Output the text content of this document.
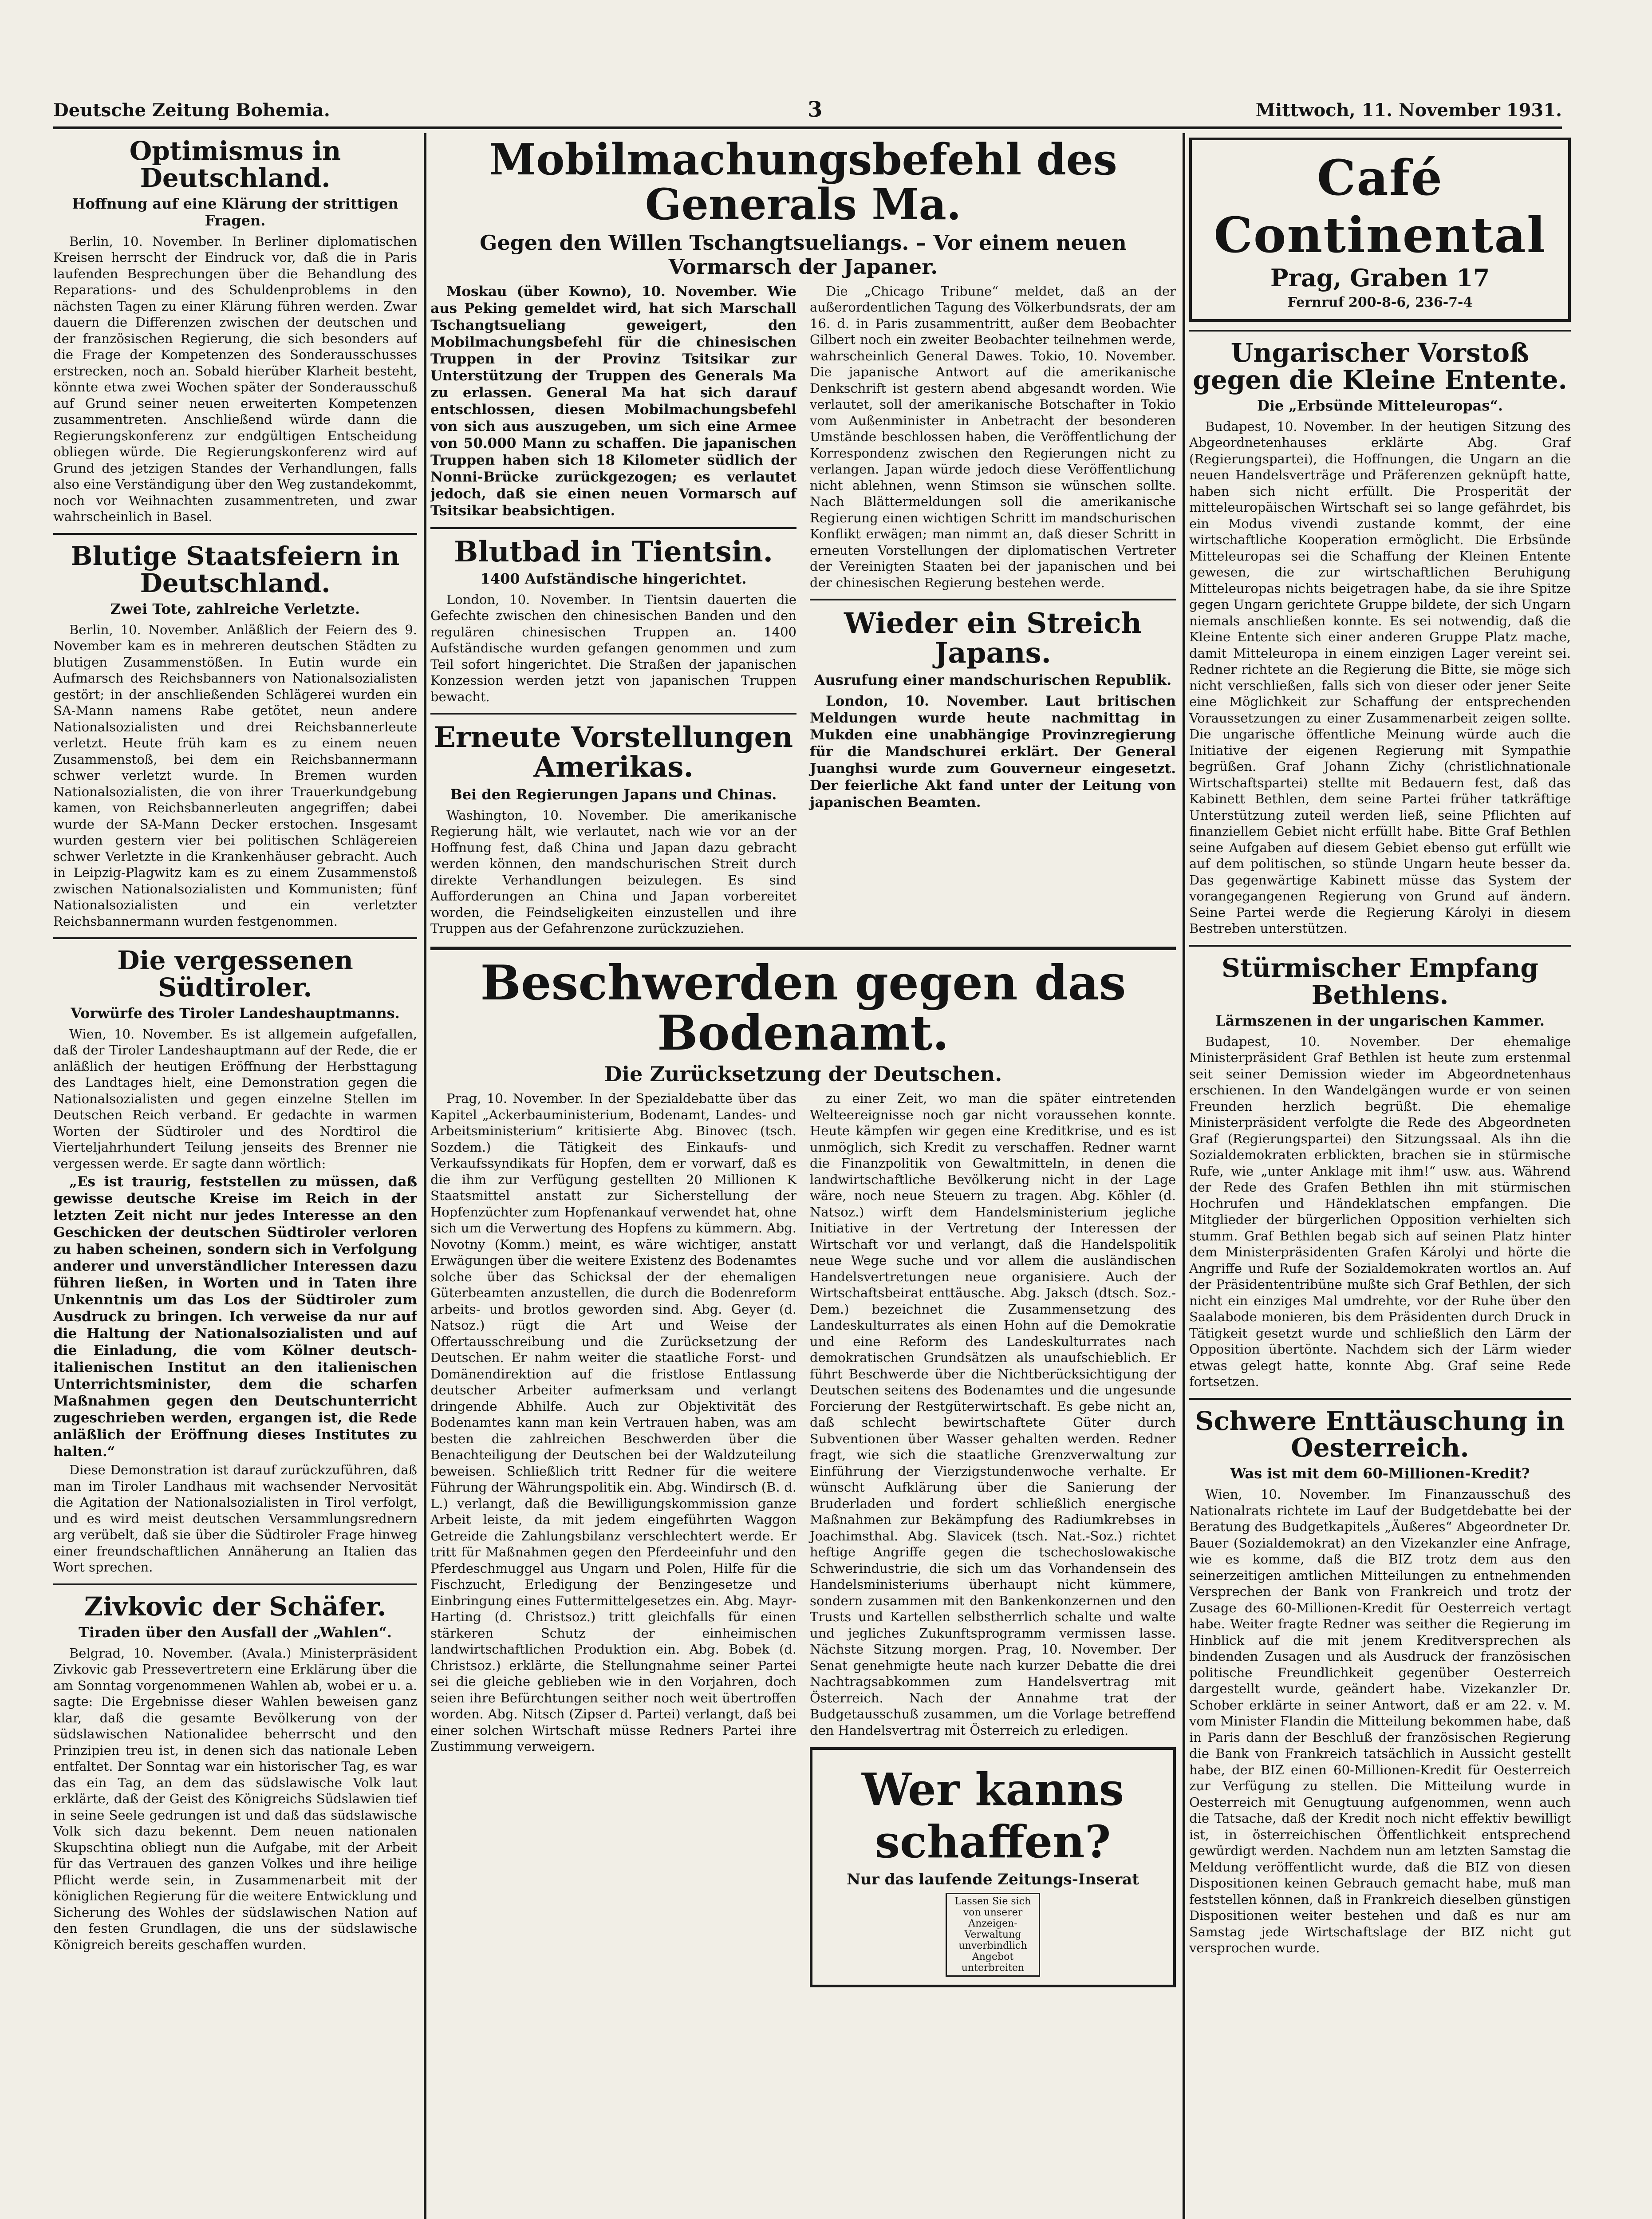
Deutsche Zeitung Bohemia.	3	Mittwoch, 11. November 1931.
Optimismus in Deutschland.
Hoffnung auf eine Klärung der strittigen Fragen.

Berlin, 10. November. In Berliner diplomatischen Kreisen herrscht der Eindruck vor, daß die in Paris laufenden Besprechungen über die Behandlung des Reparations- und des Schuldenproblems in den nächsten Tagen zu einer Klärung führen werden. Zwar dauern die Differenzen zwischen der deutschen und der französischen Regierung, die sich besonders auf die Frage der Kompetenzen des Sonderausschusses erstrecken, noch an. Sobald hierüber Klarheit besteht, könnte etwa zwei Wochen später der Sonderausschuß auf Grund seiner neuen erweiterten Kompetenzen zusammentreten. Anschließend würde dann die Regierungskonferenz zur endgültigen Entscheidung obliegen würde. Die Regierungskonferenz wird auf Grund des jetzigen Standes der Verhandlungen, falls also eine Verständigung über den Weg zustandekommt, noch vor Weihnachten zusammentreten, und zwar wahrscheinlich in Basel.

Blutige Staatsfeiern in Deutschland.
Zwei Tote, zahlreiche Verletzte.

Berlin, 10. November. Anläßlich der Feiern des 9. November kam es in mehreren deutschen Städten zu blutigen Zusammenstößen. In Eutin wurde ein Aufmarsch des Reichsbanners von Nationalsozialisten gestört; in der anschließenden Schlägerei wurden ein SA-Mann namens Rabe getötet, neun andere Nationalsozialisten und drei Reichsbannerleute verletzt. Heute früh kam es zu einem neuen Zusammenstoß, bei dem ein Reichsbannermann schwer verletzt wurde. In Bremen wurden Nationalsozialisten, die von ihrer Trauerkundgebung kamen, von Reichsbannerleuten angegriffen; dabei wurde der SA-Mann Decker erstochen. Insgesamt wurden gestern vier bei politischen Schlägereien schwer Verletzte in die Krankenhäuser gebracht. Auch in Leipzig-Plagwitz kam es zu einem Zusammenstoß zwischen Nationalsozialisten und Kommunisten; fünf Nationalsozialisten und ein verletzter Reichsbannermann wurden festgenommen.

Die vergessenen Südtiroler.
Vorwürfe des Tiroler Landeshauptmanns.

Wien, 10. November. Es ist allgemein aufgefallen, daß der Tiroler Landeshauptmann auf der Rede, die er anläßlich der heutigen Eröffnung der Herbsttagung des Landtages hielt, eine Demonstration gegen die Nationalsozialisten und gegen einzelne Stellen im Deutschen Reich verband. Er gedachte in warmen Worten der Südtiroler und des Nordtirol die Vierteljahrhundert Teilung jenseits des Brenner nie vergessen werde. Er sagte dann wörtlich:

„Es ist traurig, feststellen zu müssen, daß gewisse deutsche Kreise im Reich in der letzten Zeit nicht nur jedes Interesse an den Geschicken der deutschen Südtiroler verloren zu haben scheinen, sondern sich in Verfolgung anderer und unverständlicher Interessen dazu führen ließen, in Worten und in Taten ihre Unkenntnis um das Los der Südtiroler zum Ausdruck zu bringen. Ich verweise da nur auf die Haltung der Nationalsozialisten und auf die Einladung, die vom Kölner deutsch-italienischen Institut an den italienischen Unterrichtsminister, dem die scharfen Maßnahmen gegen den Deutschunterricht zugeschrieben werden, ergangen ist, die Rede anläßlich der Eröffnung dieses Institutes zu halten.“

Diese Demonstration ist darauf zurückzuführen, daß man im Tiroler Landhaus mit wachsender Nervosität die Agitation der Nationalsozialisten in Tirol verfolgt, und es wird meist deutschen Versammlungsrednern arg verübelt, daß sie über die Südtiroler Frage hinweg einer freundschaftlichen Annäherung an Italien das Wort sprechen.

Zivkovic der Schäfer.
Tiraden über den Ausfall der „Wahlen“.

Belgrad, 10. November. (Avala.) Ministerpräsident Zivkovic gab Pressevertretern eine Erklärung über die am Sonntag vorgenommenen Wahlen ab, wobei er u. a. sagte: Die Ergebnisse dieser Wahlen beweisen ganz klar, daß die gesamte Bevölkerung von der südslawischen Nationalidee beherrscht und den Prinzipien treu ist, in denen sich das nationale Leben entfaltet. Der Sonntag war ein historischer Tag, es war das ein Tag, an dem das südslawische Volk laut erklärte, daß der Geist des Königreichs Südslawien tief in seine Seele gedrungen ist und daß das südslawische Volk sich dazu bekennt. Dem neuen nationalen Skupschtina obliegt nun die Aufgabe, mit der Arbeit für das Vertrauen des ganzen Volkes und ihre heilige Pflicht werde sein, in Zusammenarbeit mit der königlichen Regierung für die weitere Entwicklung und Sicherung des Wohles der südslawischen Nation auf den festen Grundlagen, die uns der südslawische Königreich bereits geschaffen wurden.

Mobilmachungsbefehl des Generals Ma.
Gegen den Willen Tschangtsueliangs. – Vor einem neuen Vormarsch der Japaner.

Moskau (über Kowno), 10. November. Wie aus Peking gemeldet wird, hat sich Marschall Tschangtsueliang geweigert, den Mobilmachungsbefehl für die chinesischen Truppen in der Provinz Tsitsikar zur Unterstützung der Truppen des Generals Ma zu erlassen. General Ma hat sich darauf entschlossen, diesen Mobilmachungsbefehl von sich aus auszugeben, um sich eine Armee von 50.000 Mann zu schaffen. Die japanischen Truppen haben sich 18 Kilometer südlich der Nonni-Brücke zurückgezogen; es verlautet jedoch, daß sie einen neuen Vormarsch auf Tsitsikar beabsichtigen.

Blutbad in Tientsin.
1400 Aufständische hingerichtet.

London, 10. November. In Tientsin dauerten die Gefechte zwischen den chinesischen Banden und den regulären chinesischen Truppen an. 1400 Aufständische wurden gefangen genommen und zum Teil sofort hingerichtet. Die Straßen der japanischen Konzession werden jetzt von japanischen Truppen bewacht.

Erneute Vorstellungen Amerikas.
Bei den Regierungen Japans und Chinas.

Washington, 10. November. Die amerikanische Regierung hält, wie verlautet, nach wie vor an der Hoffnung fest, daß China und Japan dazu gebracht werden können, den mandschurischen Streit durch direkte Verhandlungen beizulegen. Es sind Aufforderungen an China und Japan vorbereitet worden, die Feindseligkeiten einzustellen und ihre Truppen aus der Gefahrenzone zurückzuziehen.

Die „Chicago Tribune“ meldet, daß an der außerordentlichen Tagung des Völkerbundsrats, der am 16. d. in Paris zusammentritt, außer dem Beobachter Gilbert noch ein zweiter Beobachter teilnehmen werde, wahrscheinlich General Dawes. Tokio, 10. November. Die japanische Antwort auf die amerikanische Denkschrift ist gestern abend abgesandt worden. Wie verlautet, soll der amerikanische Botschafter in Tokio vom Außenminister in Anbetracht der besonderen Umstände beschlossen haben, die Veröffentlichung der Korrespondenz zwischen den Regierungen nicht zu verlangen. Japan würde jedoch diese Veröffentlichung nicht ablehnen, wenn Stimson sie wünschen sollte. Nach Blättermeldungen soll die amerikanische Regierung einen wichtigen Schritt im mandschurischen Konflikt erwägen; man nimmt an, daß dieser Schritt in erneuten Vorstellungen der diplomatischen Vertreter der Vereinigten Staaten bei der japanischen und bei der chinesischen Regierung bestehen werde.

Wieder ein Streich Japans.
Ausrufung einer mandschurischen Republik.

London, 10. November. Laut britischen Meldungen wurde heute nachmittag in Mukden eine unabhängige Provinzregierung für die Mandschurei erklärt. Der General Juanghsi wurde zum Gouverneur eingesetzt. Der feierliche Akt fand unter der Leitung von japanischen Beamten.

Beschwerden gegen das Bodenamt.
Die Zurücksetzung der Deutschen.

Prag, 10. November. In der Spezialdebatte über das Kapitel „Ackerbauministerium, Bodenamt, Landes- und Arbeitsministerium“ kritisierte Abg. Binovec (tsch. Sozdem.) die Tätigkeit des Einkaufs- und Verkaufssyndikats für Hopfen, dem er vorwarf, daß es die ihm zur Verfügung gestellten 20 Millionen K Staatsmittel anstatt zur Sicherstellung der Hopfenzüchter zum Hopfenankauf verwendet hat, ohne sich um die Verwertung des Hopfens zu kümmern. Abg. Novotny (Komm.) meint, es wäre wichtiger, anstatt Erwägungen über die weitere Existenz des Bodenamtes solche über das Schicksal der der ehemaligen Güterbeamten anzustellen, die durch die Bodenreform arbeits- und brotlos geworden sind. Abg. Geyer (d. Natsoz.) rügt die Art und Weise der Offertausschreibung und die Zurücksetzung der Deutschen. Er nahm weiter die staatliche Forst- und Domänendirektion auf die fristlose Entlassung deutscher Arbeiter aufmerksam und verlangt dringende Abhilfe. Auch zur Objektivität des Bodenamtes kann man kein Vertrauen haben, was am besten die zahlreichen Beschwerden über die Benachteiligung der Deutschen bei der Waldzuteilung beweisen. Schließlich tritt Redner für die weitere Führung der Währungspolitik ein. Abg. Windirsch (B. d. L.) verlangt, daß die Bewilligungskommission ganze Arbeit leiste, da mit jedem eingeführten Waggon Getreide die Zahlungsbilanz verschlechtert werde. Er tritt für Maßnahmen gegen den Pferdeeinfuhr und den Pferdeschmuggel aus Ungarn und Polen, Hilfe für die Fischzucht, Erledigung der Benzingesetze und Einbringung eines Futtermittelgesetzes ein. Abg. Mayr-Harting (d. Christsoz.) tritt gleichfalls für einen stärkeren Schutz der einheimischen landwirtschaftlichen Produktion ein. Abg. Bobek (d. Christsoz.) erklärte, die Stellungnahme seiner Partei sei die gleiche geblieben wie in den Vorjahren, doch seien ihre Befürchtungen seither noch weit übertroffen worden. Abg. Nitsch (Zipser d. Partei) verlangt, daß bei einer solchen Wirtschaft müsse Redners Partei ihre Zustimmung verweigern.

zu einer Zeit, wo man die später eintretenden Welteereignisse noch gar nicht voraussehen konnte. Heute kämpfen wir gegen eine Kreditkrise, und es ist unmöglich, sich Kredit zu verschaffen. Redner warnt die Finanzpolitik von Gewaltmitteln, in denen die landwirtschaftliche Bevölkerung nicht in der Lage wäre, noch neue Steuern zu tragen. Abg. Köhler (d. Natsoz.) wirft dem Handelsministerium jegliche Initiative in der Vertretung der Interessen der Wirtschaft vor und verlangt, daß die Handelspolitik neue Wege suche und vor allem die ausländischen Handelsvertretungen neue organisiere. Auch der Wirtschaftsbeirat enttäusche. Abg. Jaksch (dtsch. Soz.-Dem.) bezeichnet die Zusammensetzung des Landeskulturrates als einen Hohn auf die Demokratie und eine Reform des Landeskulturrates nach demokratischen Grundsätzen als unaufschieblich. Er führt Beschwerde über die Nichtberücksichtigung der Deutschen seitens des Bodenamtes und die ungesunde Forcierung der Restgüterwirtschaft. Es gebe nicht an, daß schlecht bewirtschaftete Güter durch Subventionen über Wasser gehalten werden. Redner fragt, wie sich die staatliche Grenzverwaltung zur Einführung der Vierzigstundenwoche verhalte. Er wünscht Aufklärung über die Sanierung der Bruderladen und fordert schließlich energische Maßnahmen zur Bekämpfung des Radiumkrebses in Joachimsthal. Abg. Slavicek (tsch. Nat.-Soz.) richtet heftige Angriffe gegen die tschechoslowakische Schwerindustrie, die sich um das Vorhandensein des Handelsministeriums überhaupt nicht kümmere, sondern zusammen mit den Bankenkonzernen und den Trusts und Kartellen selbstherrlich schalte und walte und jegliches Zukunftsprogramm vermissen lasse. Nächste Sitzung morgen. Prag, 10. November. Der Senat genehmigte heute nach kurzer Debatte die drei Nachtragsabkommen zum Handelsvertrag mit Österreich. Nach der Annahme trat der Budgetausschuß zusammen, um die Vorlage betreffend den Handelsvertrag mit Österreich zu erledigen.

Wer kanns schaffen?
Nur das laufende Zeitungs-Inserat
Lassen Sie sich von unserer Anzeigen-Verwaltung unverbindlich Angebot unterbreiten
Café Continental
Prag, Graben 17
Fernruf 200-8-6, 236-7-4
Ungarischer Vorstoß gegen die Kleine Entente.
Die „Erbsünde Mitteleuropas“.

Budapest, 10. November. In der heutigen Sitzung des Abgeordnetenhauses erklärte Abg. Graf (Regierungspartei), die Hoffnungen, die Ungarn an die neuen Handelsverträge und Präferenzen geknüpft hatte, haben sich nicht erfüllt. Die Prosperität der mitteleuropäischen Wirtschaft sei so lange gefährdet, bis ein Modus vivendi zustande kommt, der eine wirtschaftliche Kooperation ermöglicht. Die Erbsünde Mitteleuropas sei die Schaffung der Kleinen Entente gewesen, die zur wirtschaftlichen Beruhigung Mitteleuropas nichts beigetragen habe, da sie ihre Spitze gegen Ungarn gerichtete Gruppe bildete, der sich Ungarn niemals anschließen konnte. Es sei notwendig, daß die Kleine Entente sich einer anderen Gruppe Platz mache, damit Mitteleuropa in einem einzigen Lager vereint sei. Redner richtete an die Regierung die Bitte, sie möge sich nicht verschließen, falls sich von dieser oder jener Seite eine Möglichkeit zur Schaffung der entsprechenden Voraussetzungen zu einer Zusammenarbeit zeigen sollte. Die ungarische öffentliche Meinung würde auch die Initiative der eigenen Regierung mit Sympathie begrüßen. Graf Johann Zichy (christlichnationale Wirtschaftspartei) stellte mit Bedauern fest, daß das Kabinett Bethlen, dem seine Partei früher tatkräftige Unterstützung zuteil werden ließ, seine Pflichten auf finanziellem Gebiet nicht erfüllt habe. Bitte Graf Bethlen seine Aufgaben auf diesem Gebiet ebenso gut erfüllt wie auf dem politischen, so stünde Ungarn heute besser da. Das gegenwärtige Kabinett müsse das System der vorangegangenen Regierung von Grund auf ändern. Seine Partei werde die Regierung Károlyi in diesem Bestreben unterstützen.

Stürmischer Empfang Bethlens.
Lärmszenen in der ungarischen Kammer.

Budapest, 10. November. Der ehemalige Ministerpräsident Graf Bethlen ist heute zum erstenmal seit seiner Demission wieder im Abgeordnetenhaus erschienen. In den Wandelgängen wurde er von seinen Freunden herzlich begrüßt. Die ehemalige Ministerpräsident verfolgte die Rede des Abgeordneten Graf (Regierungspartei) den Sitzungssaal. Als ihn die Sozialdemokraten erblickten, brachen sie in stürmische Rufe, wie „unter Anklage mit ihm!“ usw. aus. Während der Rede des Grafen Bethlen ihn mit stürmischen Hochrufen und Händeklatschen empfangen. Die Mitglieder der bürgerlichen Opposition verhielten sich stumm. Graf Bethlen begab sich auf seinen Platz hinter dem Ministerpräsidenten Grafen Károlyi und hörte die Angriffe und Rufe der Sozialdemokraten wortlos an. Auf der Präsidententribüne mußte sich Graf Bethlen, der sich nicht ein einziges Mal umdrehte, vor der Ruhe über den Saalabode monieren, bis dem Präsidenten durch Druck in Tätigkeit gesetzt wurde und schließlich den Lärm der Opposition übertönte. Nachdem sich der Lärm wieder etwas gelegt hatte, konnte Abg. Graf seine Rede fortsetzen.

Schwere Enttäuschung in Oesterreich.
Was ist mit dem 60-Millionen-Kredit?

Wien, 10. November. Im Finanzausschuß des Nationalrats richtete im Lauf der Budgetdebatte bei der Beratung des Budgetkapitels „Äußeres“ Abgeordneter Dr. Bauer (Sozialdemokrat) an den Vizekanzler eine Anfrage, wie es komme, daß die BIZ trotz dem aus den seinerzeitigen amtlichen Mitteilungen zu entnehmenden Versprechen der Bank von Frankreich und trotz der Zusage des 60-Millionen-Kredit für Oesterreich vertagt habe. Weiter fragte Redner was seither die Regierung im Hinblick auf die mit jenem Kreditversprechen als bindenden Zusagen und als Ausdruck der französischen politische Freundlichkeit gegenüber Oesterreich dargestellt wurde, geändert habe. Vizekanzler Dr. Schober erklärte in seiner Antwort, daß er am 22. v. M. vom Minister Flandin die Mitteilung bekommen habe, daß in Paris dann der Beschluß der französischen Regierung die Bank von Frankreich tatsächlich in Aussicht gestellt habe, der BIZ einen 60-Millionen-Kredit für Oesterreich zur Verfügung zu stellen. Die Mitteilung wurde in Oesterreich mit Genugtuung aufgenommen, wenn auch die Tatsache, daß der Kredit noch nicht effektiv bewilligt ist, in österreichischen Öffentlichkeit entsprechend gewürdigt werden. Nachdem nun am letzten Samstag die Meldung veröffentlicht wurde, daß die BIZ von diesen Dispositionen keinen Gebrauch gemacht habe, muß man feststellen können, daß in Frankreich dieselben günstigen Dispositionen weiter bestehen und daß es nur am Samstag jede Wirtschaftslage der BIZ nicht gut versprochen wurde.
